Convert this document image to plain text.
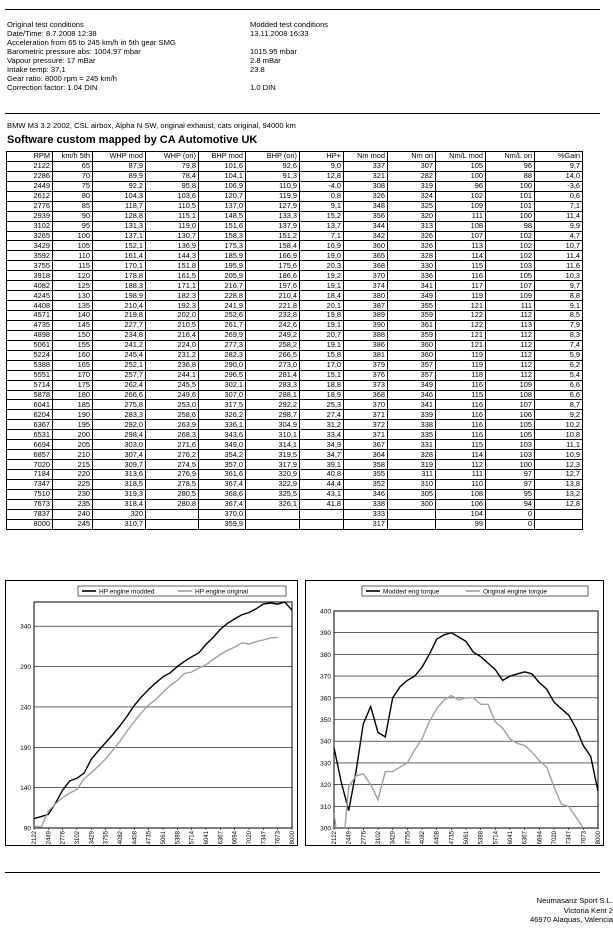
Original test conditions
Date/Time: 8.7.2008 12:38
Acceleration from 65 to 245 km/h in 5th gear SMG
Barometric pressure abs: 1004,97 mbar
Vapour pressure: 17 mBar
Intake temp: 37,1
Gear ratio: 8000 rpm = 245 km/h
Correction factor: 1.04 DIN
Modded test conditions
13.11.2008 16:33
1015.95 mbar
2.8 mBar
23.8
1.0 DIN
BMW M3 3.2 2002, CSL airbox, Alpha N SW, original exhaust, cats original, 94000 km
Software custom mapped by CA Automotive UK
RPM	km/h 5th	WHP mod	WHP (ori)	BHP mod	BHP (ori)	HP+	Nm mod	Nm ori	Nm/L mod	Nm/L ori	%Gain
2122	65	87,9	79,8	101,6	92,6	9,0	337	307	105	96	9,7
2286	70	89,9	78,4	104,1	91,3	12,8	321	282	100	88	14,0
2449	75	92,2	95,8	106,9	110,9	-4,0	308	319	96	100	-3,6
2612	80	104,3	103,6	120,7	119,9	0,8	326	324	102	101	0,6
2776	85	118,7	110,5	137,0	127,9	9,1	348	325	109	101	7,1
2939	90	128,8	115,1	148,5	133,3	15,2	356	320	111	100	11,4
3102	95	131,3	119,0	151,6	137,9	13,7	344	313	108	98	9,9
3265	100	137,1	130,7	158,3	151,2	7,1	342	326	107	102	4,7
3429	105	152,1	136,9	175,3	158,4	16,9	360	326	113	102	10,7
3592	110	161,4	144,3	185,9	166,9	19,0	365	328	114	102	11,4
3755	115	170,1	151,8	195,9	175,6	20,3	368	330	115	103	11,6
3918	120	178,8	161,5	205,9	186,6	19,2	370	336	116	105	10,3
4082	125	188,3	171,1	216,7	197,6	19,1	374	341	117	107	9,7
4245	130	198,9	182,3	228,8	210,4	18,4	380	349	119	109	8,8
4408	135	210,4	192,3	241,9	221,8	20,1	387	355	121	111	9,1
4571	140	219,8	202,0	252,6	232,8	19,8	389	359	122	112	8,5
4735	145	227,7	210,5	261,7	242,6	19,1	390	361	122	113	7,9
4898	150	234,8	216,4	269,9	249,2	20,7	388	359	121	112	8,3
5061	155	241,2	224,0	277,3	258,2	19,1	386	360	121	112	7,4
5224	160	245,4	231,2	282,3	266,5	15,8	381	360	119	112	5,9
5388	165	252,1	236,8	290,0	273,0	17,0	379	357	119	112	6,2
5551	170	257,7	244,1	296,5	281,4	15,1	376	357	118	112	5,4
5714	175	262,4	245,5	302,1	283,3	18,8	373	349	116	109	6,6
5878	180	266,6	249,6	307,0	288,1	18,9	368	346	115	108	6,6
6041	185	275,8	253,0	317,5	292,2	25,3	370	341	116	107	8,7
6204	190	283,3	258,6	326,2	298,7	27,4	371	339	116	106	9,2
6367	195	292,0	263,9	336,1	304,9	31,2	372	338	116	105	10,2
6531	200	298,4	268,3	343,6	310,1	33,4	371	335	116	105	10,8
6694	205	303,0	271,6	349,0	314,1	34,9	367	331	115	103	11,1
6857	210	307,4	276,2	354,2	319,5	34,7	364	328	114	103	10,9
7020	215	309,7	274,5	357,0	317,9	39,1	358	319	112	100	12,3
7184	220	313,6	276,9	361,6	320,9	40,8	355	311	111	97	12,7
7347	225	318,5	278,5	367,4	322,9	44,4	352	310	110	97	13,8
7510	230	319,3	280,5	368,6	325,5	43,1	346	305	108	95	13,2
7673	235	318,4	280,8	367,4	326,1	41,8	338	300	106	94	12,8
7837	240	320		370,0			333		104	0	
8000	245	310,7		359,9			317		99	0	
90
140
190
240
290
340
2122 2449 2776 3102 3429 3755 4082 4408 4735 5061 5388 5714 6041 6367 6694 7020 7347 7673 8000
HP engine modded	HP engine original
300
310
320
330
340
350
360
370
380
390
400
2122 2449 2776 3102 3429 3755 4082 4408 4735 5061 5388 5714 6041 6367 6694 7020 7347 7673 8000
Modded eng torque	Original engine torque
Neumasanz Sport S.L.
Victoria Kent 2
46970 Alaquas, Valencia
